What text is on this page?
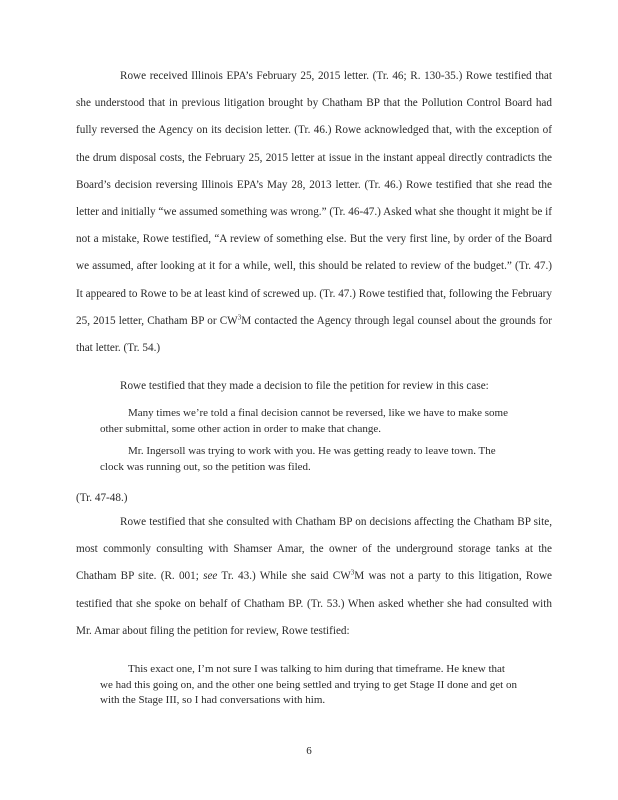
Rowe received Illinois EPA’s February 25, 2015 letter. (Tr. 46; R. 130-35.) Rowe testified that she understood that in previous litigation brought by Chatham BP that the Pollution Control Board had fully reversed the Agency on its decision letter. (Tr. 46.) Rowe acknowledged that, with the exception of the drum disposal costs, the February 25, 2015 letter at issue in the instant appeal directly contradicts the Board’s decision reversing Illinois EPA’s May 28, 2013 letter. (Tr. 46.) Rowe testified that she read the letter and initially “we assumed something was wrong.” (Tr. 46-47.) Asked what she thought it might be if not a mistake, Rowe testified, “A review of something else. But the very first line, by order of the Board we assumed, after looking at it for a while, well, this should be related to review of the budget.” (Tr. 47.) It appeared to Rowe to be at least kind of screwed up. (Tr. 47.) Rowe testified that, following the February 25, 2015 letter, Chatham BP or $CW^3M$ contacted the Agency through legal counsel about the grounds for that letter. (Tr. 54.)

Rowe testified that they made a decision to file the petition for review in this case:

Many times we’re told a final decision cannot be reversed, like we have to make some other submittal, some other action in order to make that change.

Mr. Ingersoll was trying to work with you. He was getting ready to leave town. The clock was running out, so the petition was filed.

(Tr. 47-48.)

Rowe testified that she consulted with Chatham BP on decisions affecting the Chatham BP site, most commonly consulting with Shamser Amar, the owner of the underground storage tanks at the Chatham BP site. (R. 001; see Tr. 43.) While she said $CW^3M$ was not a party to this litigation, Rowe testified that she spoke on behalf of Chatham BP. (Tr. 53.) When asked whether she had consulted with Mr. Amar about filing the petition for review, Rowe testified:

This exact one, I’m not sure I was talking to him during that timeframe. He knew that we had this going on, and the other one being settled and trying to get Stage II done and get on with the Stage III, so I had conversations with him.

6
